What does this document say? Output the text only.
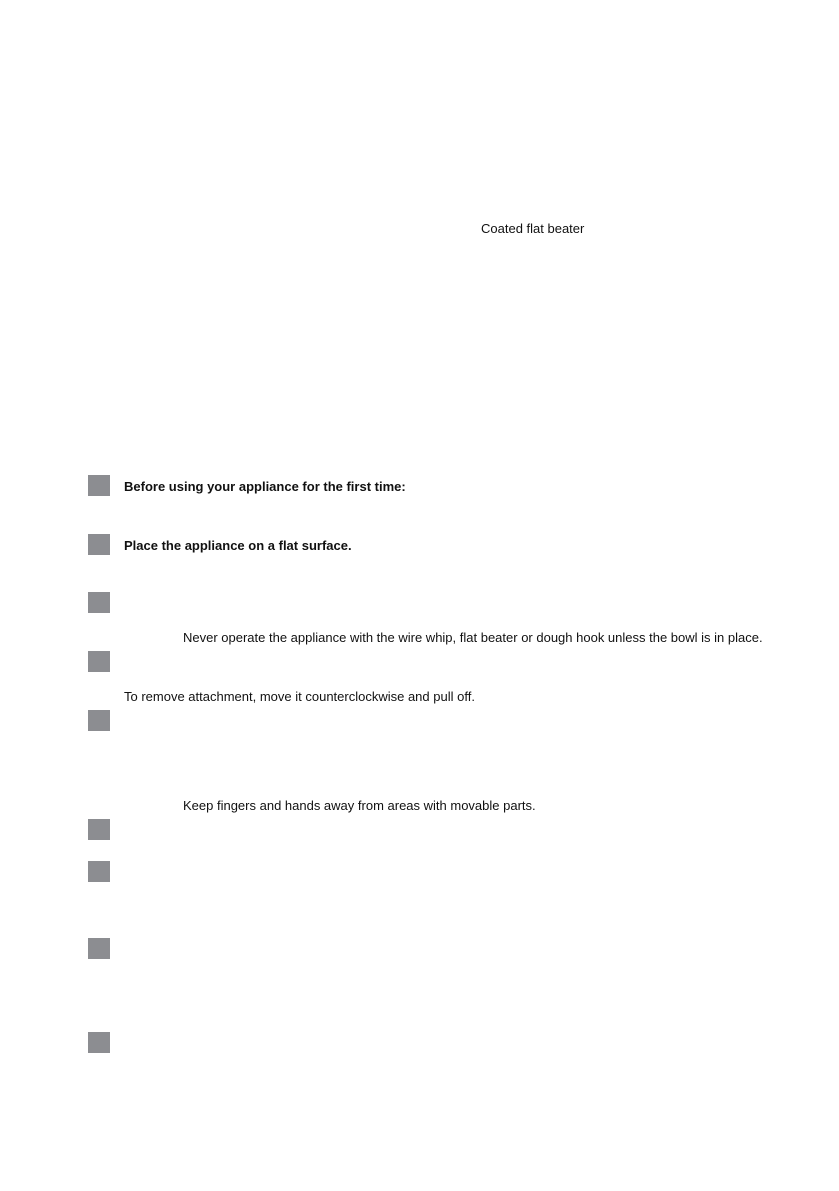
Coated flat beater
Before using your appliance for the first time:
Place the appliance on a flat surface.
Never operate the appliance with the wire whip, flat beater or dough hook unless the bowl is in place.
To remove attachment, move it counterclockwise and pull off.
Keep fingers and hands away from areas with movable parts.
